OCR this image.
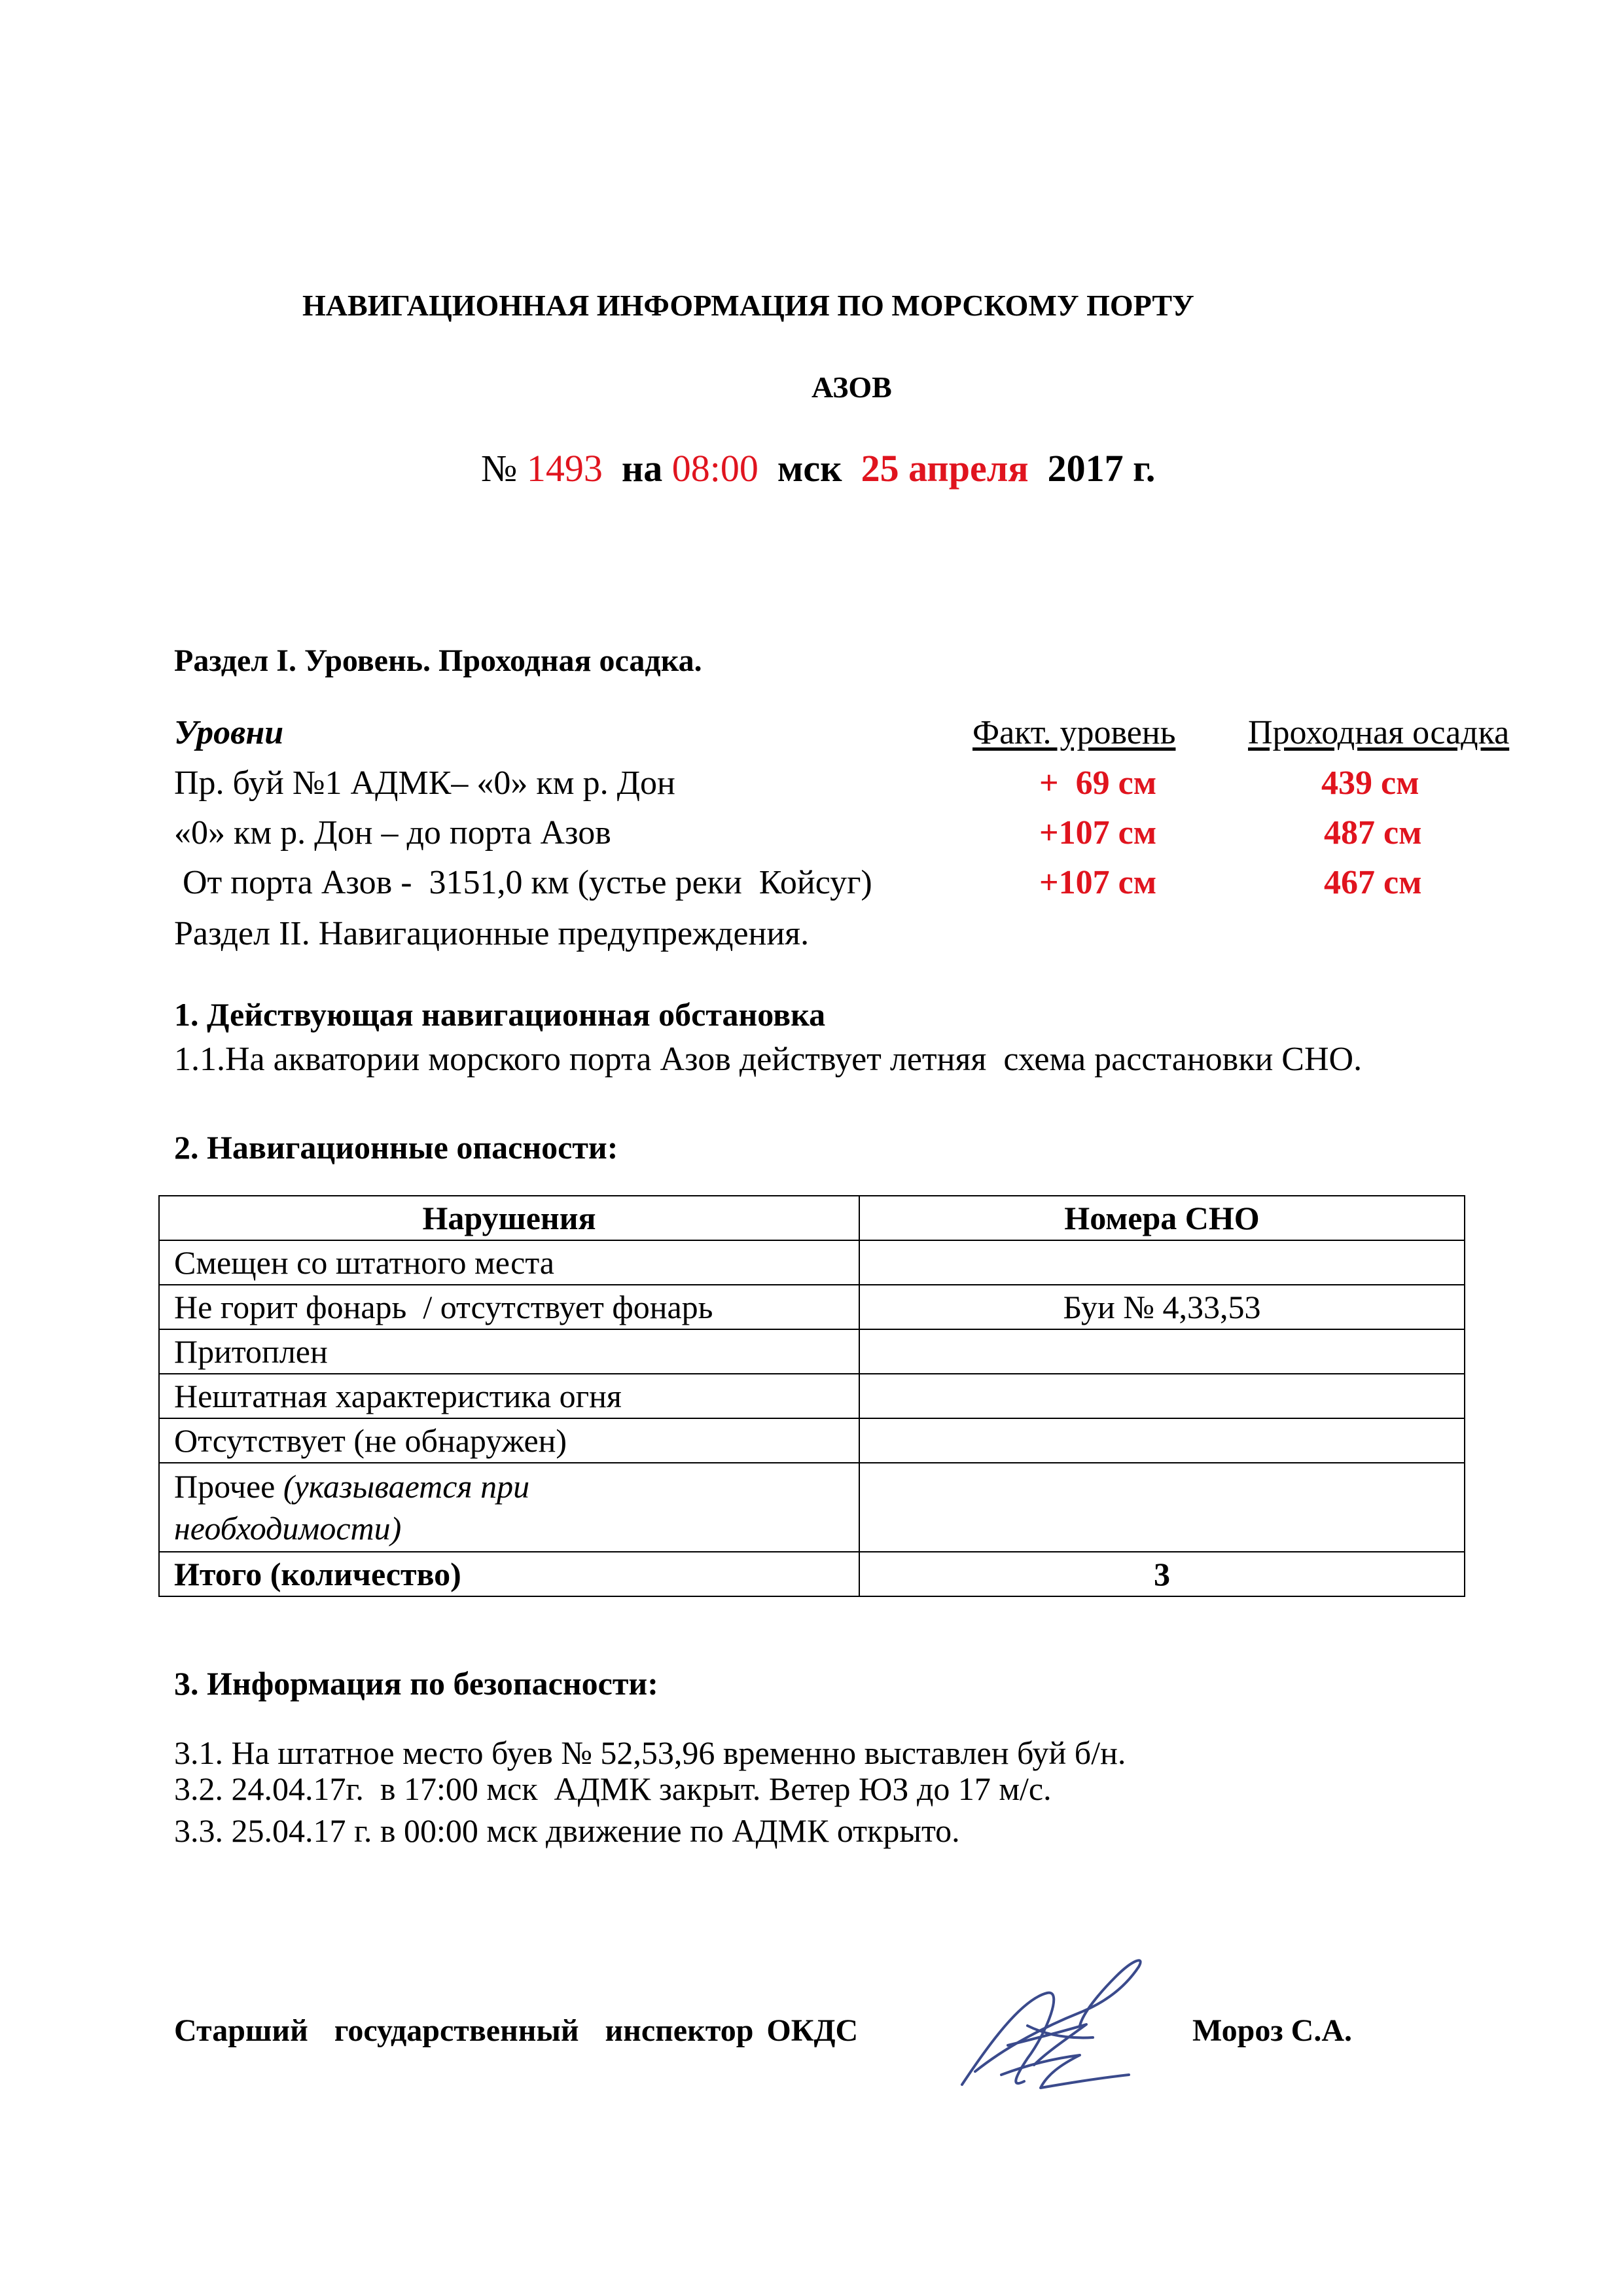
НАВИГАЦИОННАЯ ИНФОРМАЦИЯ ПО МОРСКОМУ ПОРТУ
АЗОВ
№ 1493 на 08:00 мск 25 апреля 2017 г.
Раздел I. Уровень. Проходная осадка.
Уровни	Факт. уровень Проходная осадка
Пр. буй №1 АДМК– «0» км р. Дон	+  69 см	439 см
«0» км р. Дон – до порта Азов	+107 см	487 см
От порта Азов -  3151,0 км (устье реки  Койсуг)	+107 см	467 см
Раздел II. Навигационные предупреждения.
1. Действующая навигационная обстановка
1.1.На акватории морского порта Азов действует летняя  схема расстановки СНО.
2. Навигационные опасности:
Нарушения	Номера СНО
Смещен со штатного места	
Не горит фонарь  / отсутствует фонарь	Буи № 4,33,53
Притоплен	
Нештатная характеристика огня	
Отсутствует (не обнаружен)	
Прочее (указывается при
необходимости)	
Итого (количество)	3
3. Информация по безопасности:
3.1. На штатное место буев № 52,53,96 временно выставлен буй б/н.
3.2. 24.04.17г.  в 17:00 мск  АДМК закрыт. Ветер ЮЗ до 17 м/с.
3.3. 25.04.17 г. в 00:00 мск движение по АДМК открыто.
Старший  государственный  инспектор ОКДС	Мороз С.А.
